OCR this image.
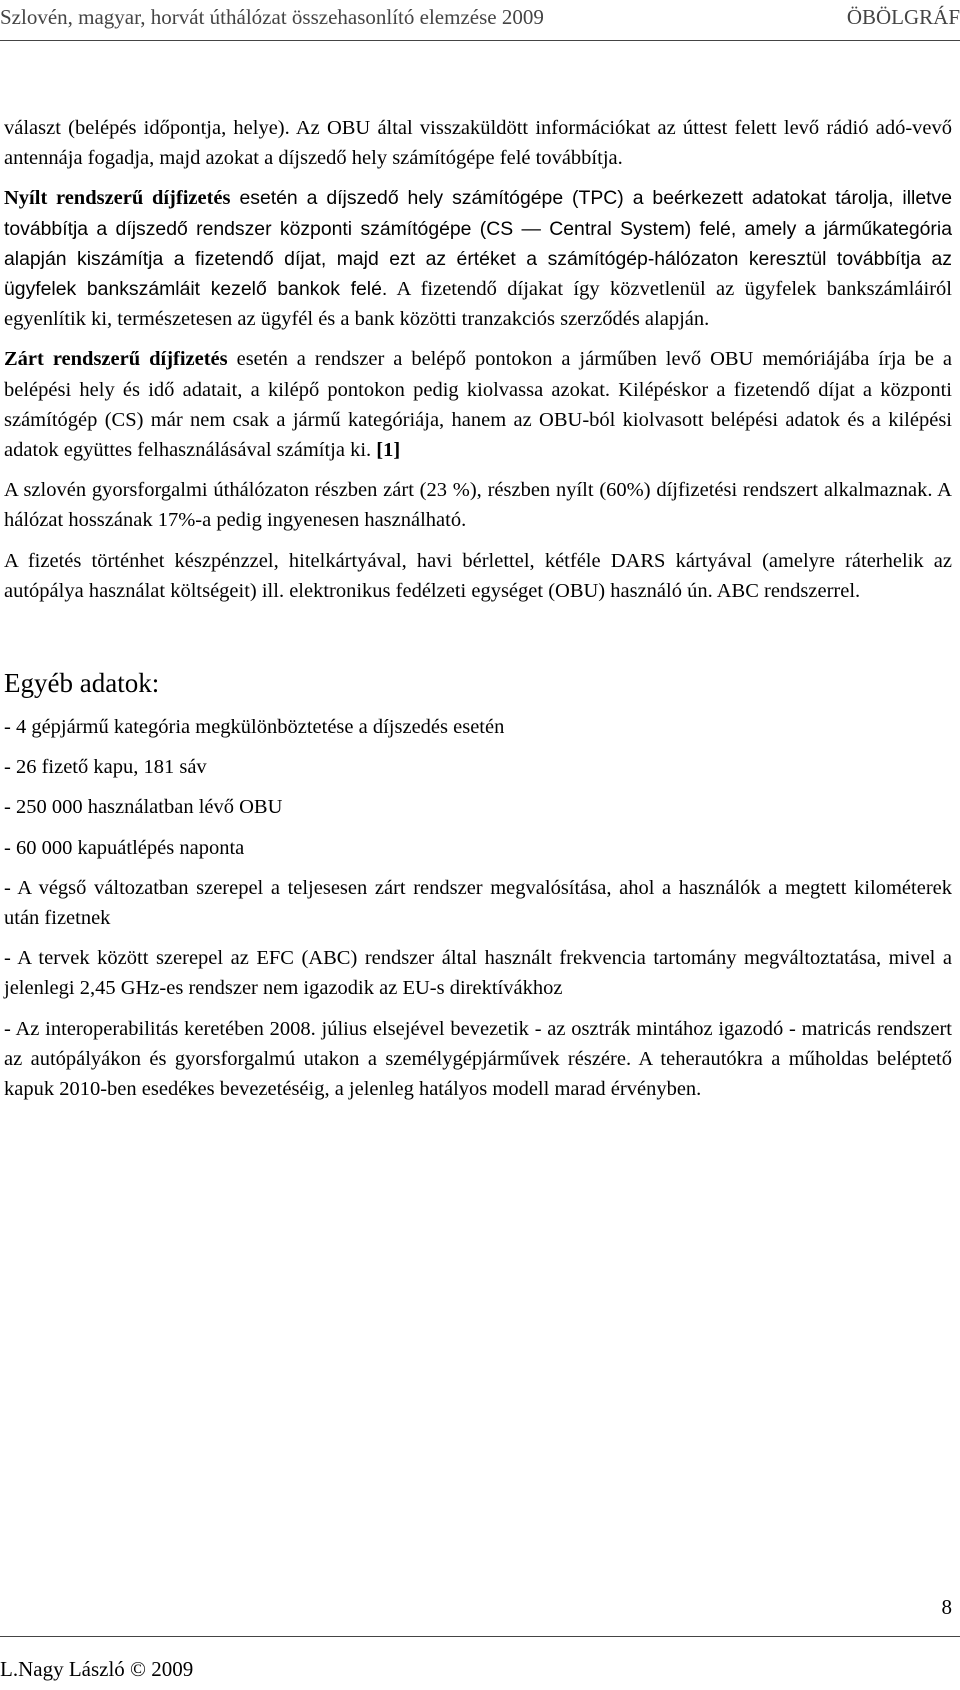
Szlovén, magyar, horvát úthálózat összehasonlító elemzése 2009	ÖBÖLGRÁF

választ (belépés időpontja, helye). Az OBU által visszaküldött információkat az úttest felett levő rádió adó-vevő antennája fogadja, majd azokat a díjszedő hely számítógépe felé továbbítja.

Nyílt rendszerű díjfizetés esetén a díjszedő hely számítógépe (TPC) a beérkezett adatokat tárolja, illetve továbbítja a díjszedő rendszer központi számítógépe (CS — Central System) felé, amely a járműkategória alapján kiszámítja a fizetendő díjat, majd ezt az értéket a számítógép-hálózaton keresztül továbbítja az ügyfelek bankszámláit kezelő bankok felé. A fizetendő díjakat így közvetlenül az ügyfelek bankszámláiról egyenlítik ki, természetesen az ügyfél és a bank közötti tranzakciós szerződés alapján.

Zárt rendszerű díjfizetés esetén a rendszer a belépő pontokon a járműben levő OBU memóriájába írja be a belépési hely és idő adatait, a kilépő pontokon pedig kiolvassa azokat. Kilépéskor a fizetendő díjat a központi számítógép (CS) már nem csak a jármű kategóriája, hanem az OBU-ból kiolvasott belépési adatok és a kilépési adatok együttes felhasználásával számítja ki. [1]

A szlovén gyorsforgalmi úthálózaton részben zárt (23 %), részben nyílt (60%) díjfizetési rendszert alkalmaznak. A hálózat hosszának 17%-a pedig ingyenesen használható.

A fizetés történhet készpénzzel, hitelkártyával, havi bérlettel, kétféle DARS kártyával (amelyre ráterhelik az autópálya használat költségeit) ill. elektronikus fedélzeti egységet (OBU) használó ún. ABC rendszerrel.

Egyéb adatok:

- 4 gépjármű kategória megkülönböztetése a díjszedés esetén

- 26 fizető kapu, 181 sáv

- 250 000 használatban lévő OBU

- 60 000 kapuátlépés naponta

- A végső változatban szerepel a teljesesen zárt rendszer megvalósítása, ahol a használók a megtett kilométerek után fizetnek

- A tervek között szerepel az EFC (ABC) rendszer által használt frekvencia tartomány megváltoztatása, mivel a jelenlegi 2,45 GHz-es rendszer nem igazodik az EU-s direktívákhoz

- Az interoperabilitás keretében 2008. július elsejével bevezetik - az osztrák mintához igazodó - matricás rendszert az autópályákon és gyorsforgalmú utakon a személygépjárművek részére. A teherautókra a műholdas beléptető kapuk 2010-ben esedékes bevezetéséig, a jelenleg hatályos modell marad érvényben.

8
L.Nagy László © 2009
